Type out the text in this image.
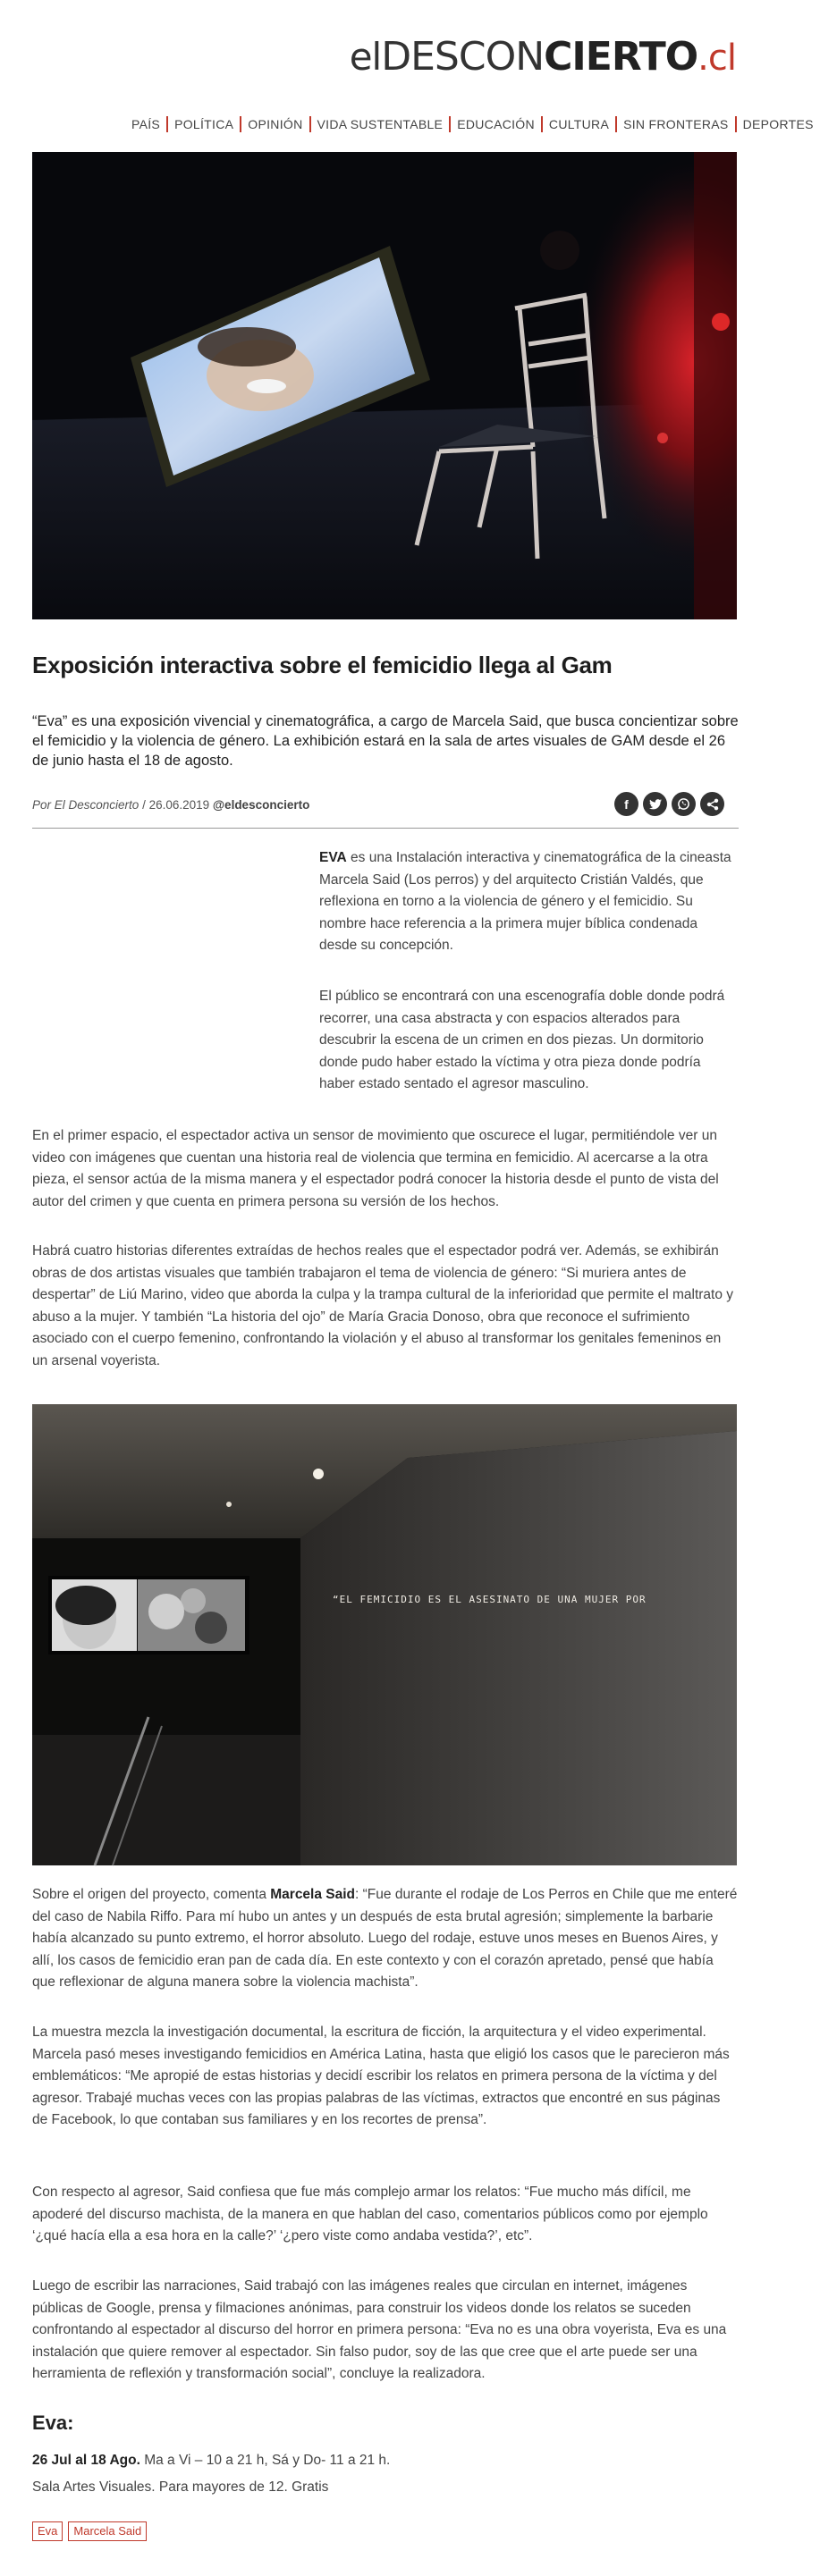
el DESCON CIERTO .cl
PAÍS	POLÍTICA	OPINIÓN	VIDA SUSTENTABLE	EDUCACIÓN	CULTURA	SIN FRONTERAS	DEPORTES
Exposición interactiva sobre el femicidio llega al Gam

“Eva” es una exposición vivencial y cinematográfica, a cargo de Marcela Said, que busca concientizar sobre el femicidio y la violencia de género. La exhibición estará en la sala de artes visuales de GAM desde el 26 de junio hasta el 18 de agosto.

Por El Desconcierto / 26.06.2019 @eldesconcierto	f

EVA es una Instalación interactiva y cinematográfica de la cineasta Marcela Said (Los perros) y del arquitecto Cristián Valdés, que reflexiona en torno a la violencia de género y el femicidio. Su nombre hace referencia a la primera mujer bíblica condenada desde su concepción.

El público se encontrará con una escenografía doble donde podrá recorrer, una casa abstracta y con espacios alterados para descubrir la escena de un crimen en dos piezas. Un dormitorio donde pudo haber estado la víctima y otra pieza donde podría haber estado sentado el agresor masculino.

En el primer espacio, el espectador activa un sensor de movimiento que oscurece el lugar, permitiéndole ver un video con imágenes que cuentan una historia real de violencia que termina en femicidio. Al acercarse a la otra pieza, el sensor actúa de la misma manera y el espectador podrá conocer la historia desde el punto de vista del autor del crimen y que cuenta en primera persona su versión de los hechos.

Habrá cuatro historias diferentes extraídas de hechos reales que el espectador podrá ver. Además, se exhibirán obras de dos artistas visuales que también trabajaron el tema de violencia de género: “Si muriera antes de despertar” de Liú Marino, video que aborda la culpa y la trampa cultural de la inferioridad que permite el maltrato y abuso a la mujer. Y también “La historia del ojo” de María Gracia Donoso, obra que reconoce el sufrimiento asociado con el cuerpo femenino, confrontando la violación y el abuso al transformar los genitales femeninos en un arsenal voyerista.

“EL FEMICIDIO ES EL ASESINATO DE UNA MUJER POR

Sobre el origen del proyecto, comenta Marcela Said: “Fue durante el rodaje de Los Perros en Chile que me enteré del caso de Nabila Riffo. Para mí hubo un antes y un después de esta brutal agresión; simplemente la barbarie había alcanzado su punto extremo, el horror absoluto. Luego del rodaje, estuve unos meses en Buenos Aires, y allí, los casos de femicidio eran pan de cada día. En este contexto y con el corazón apretado, pensé que había que reflexionar de alguna manera sobre la violencia machista”.

La muestra mezcla la investigación documental, la escritura de ficción, la arquitectura y el video experimental. Marcela pasó meses investigando femicidios en América Latina, hasta que eligió los casos que le parecieron más emblemáticos: “Me apropié de estas historias y decidí escribir los relatos en primera persona de la víctima y del agresor. Trabajé muchas veces con las propias palabras de las víctimas, extractos que encontré en sus páginas de Facebook, lo que contaban sus familiares y en los recortes de prensa”.

Con respecto al agresor, Said confiesa que fue más complejo armar los relatos: “Fue mucho más difícil, me apoderé del discurso machista, de la manera en que hablan del caso, comentarios públicos como por ejemplo ‘¿qué hacía ella a esa hora en la calle?’ ‘¿pero viste como andaba vestida?’, etc”.

Luego de escribir las narraciones, Said trabajó con las imágenes reales que circulan en internet, imágenes públicas de Google, prensa y filmaciones anónimas, para construir los videos donde los relatos se suceden confrontando al espectador al discurso del horror en primera persona: “Eva no es una obra voyerista, Eva es una instalación que quiere remover al espectador. Sin falso pudor, soy de las que cree que el arte puede ser una herramienta de reflexión y transformación social”, concluye la realizadora.

Eva:

26 Jul al 18 Ago. Ma a Vi – 10 a 21 h, Sá y Do- 11 a 21 h.

Sala Artes Visuales. Para mayores de 12. Gratis

Eva	Marcela Said
